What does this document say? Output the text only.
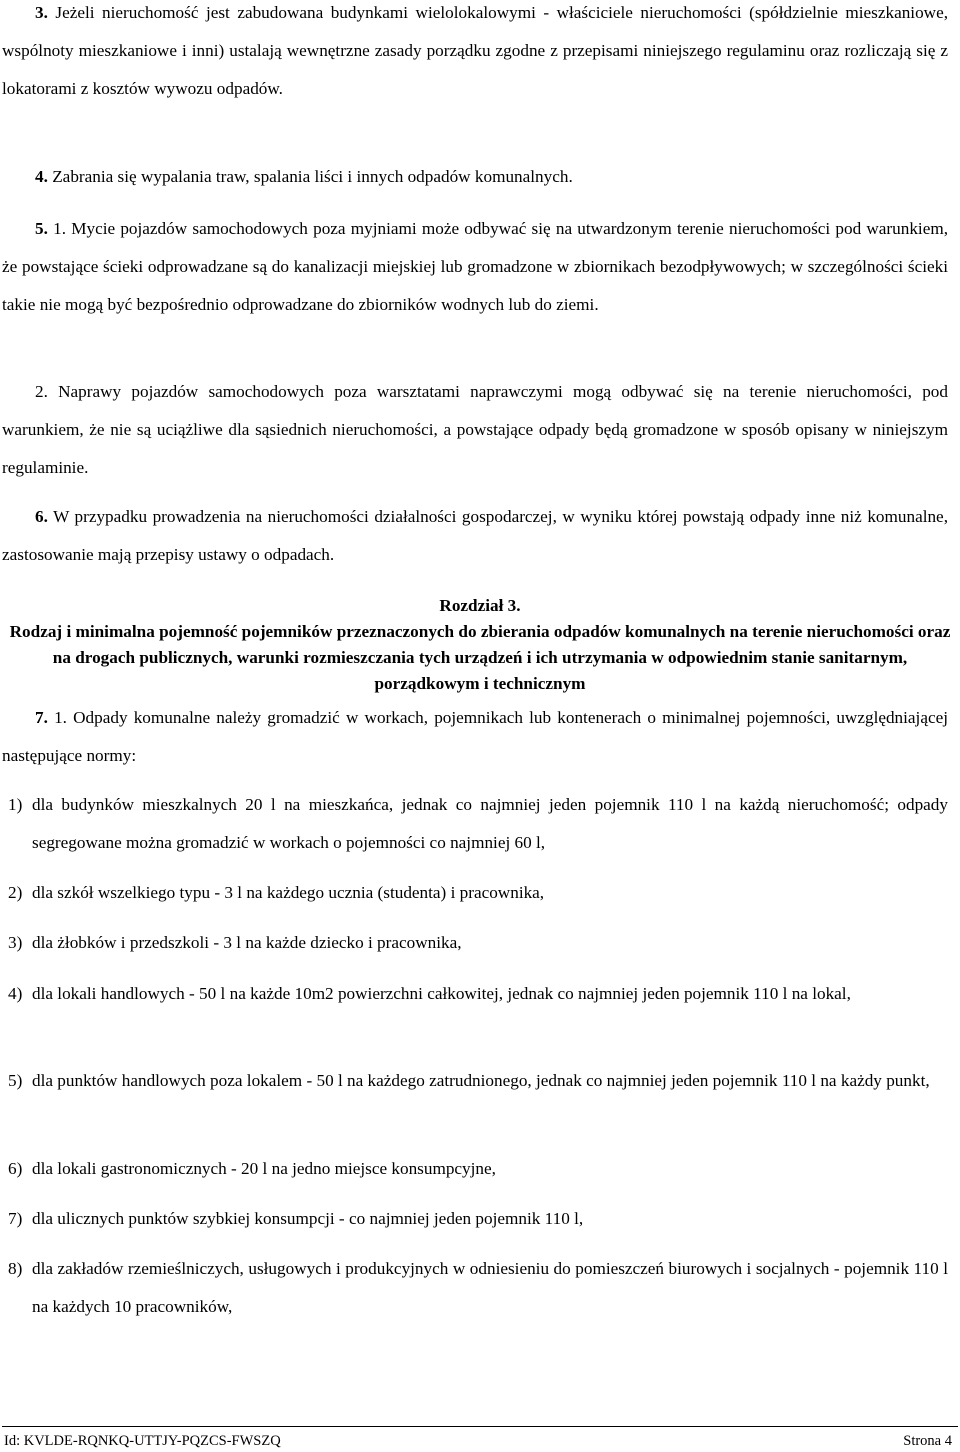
3. Jeżeli nieruchomość jest zabudowana budynkami wielolokalowymi - właściciele nieruchomości (spółdzielnie mieszkaniowe, wspólnoty mieszkaniowe i inni) ustalają wewnętrzne zasady porządku zgodne z przepisami niniejszego regulaminu oraz rozliczają się z lokatorami z kosztów wywozu odpadów.

4. Zabrania się wypalania traw, spalania liści i innych odpadów komunalnych.

5. 1. Mycie pojazdów samochodowych poza myjniami może odbywać się na utwardzonym terenie nieruchomości pod warunkiem, że powstające ścieki odprowadzane są do kanalizacji miejskiej lub gromadzone w zbiornikach bezodpływowych; w szczególności ścieki takie nie mogą być bezpośrednio odprowadzane do zbiorników wodnych lub do ziemi.

2. Naprawy pojazdów samochodowych poza warsztatami naprawczymi mogą odbywać się na terenie nieruchomości, pod warunkiem, że nie są uciążliwe dla sąsiednich nieruchomości, a powstające odpady będą gromadzone w sposób opisany w niniejszym regulaminie.

6. W przypadku prowadzenia na nieruchomości działalności gospodarczej, w wyniku której powstają odpady inne niż komunalne, zastosowanie mają przepisy ustawy o odpadach.

Rozdział 3.

Rodzaj i minimalna pojemność pojemników przeznaczonych do zbierania odpadów komunalnych na terenie nieruchomości oraz na drogach publicznych, warunki rozmieszczania tych urządzeń i ich utrzymania w odpowiednim stanie sanitarnym, porządkowym i technicznym

7. 1. Odpady komunalne należy gromadzić w workach, pojemnikach lub kontenerach o minimalnej pojemności, uwzględniającej następujące normy:

1) dla budynków mieszkalnych 20 l na mieszkańca, jednak co najmniej jeden pojemnik 110 l na każdą nieruchomość; odpady segregowane można gromadzić w workach o pojemności co najmniej 60 l,
2) dla szkół wszelkiego typu - 3 l na każdego ucznia (studenta) i pracownika,
3) dla żłobków i przedszkoli - 3 l na każde dziecko i pracownika,
4) dla lokali handlowych - 50 l na każde 10m2 powierzchni całkowitej, jednak co najmniej jeden pojemnik 110 l na lokal,
5) dla punktów handlowych poza lokalem - 50 l na każdego zatrudnionego, jednak co najmniej jeden pojemnik 110 l na każdy punkt,
6) dla lokali gastronomicznych - 20 l na jedno miejsce konsumpcyjne,
7) dla ulicznych punktów szybkiej konsumpcji - co najmniej jeden pojemnik 110 l,
8) dla zakładów rzemieślniczych, usługowych i produkcyjnych w odniesieniu do pomieszczeń biurowych i socjalnych - pojemnik 110 l na każdych 10 pracowników,
Id: KVLDE-RQNKQ-UTTJY-PQZCS-FWSZQ	Strona 4
